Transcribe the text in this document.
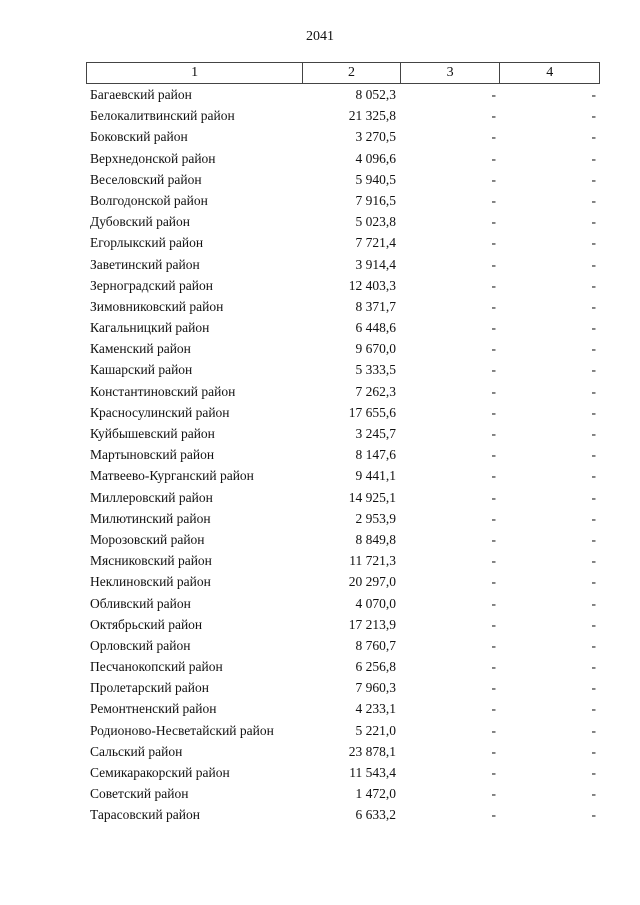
2041
1	2	3	4
Багаевский район	8 052,3	-	-
Белокалитвинский район	21 325,8	-	-
Боковский район	3 270,5	-	-
Верхнедонской район	4 096,6	-	-
Веселовский район	5 940,5	-	-
Волгодонской район	7 916,5	-	-
Дубовский район	5 023,8	-	-
Егорлыкский район	7 721,4	-	-
Заветинский район	3 914,4	-	-
Зерноградский район	12 403,3	-	-
Зимовниковский район	8 371,7	-	-
Кагальницкий район	6 448,6	-	-
Каменский район	9 670,0	-	-
Кашарский район	5 333,5	-	-
Константиновский район	7 262,3	-	-
Красносулинский район	17 655,6	-	-
Куйбышевский район	3 245,7	-	-
Мартыновский район	8 147,6	-	-
Матвеево-Курганский район	9 441,1	-	-
Миллеровский район	14 925,1	-	-
Милютинский район	2 953,9	-	-
Морозовский район	8 849,8	-	-
Мясниковский район	11 721,3	-	-
Неклиновский район	20 297,0	-	-
Обливский район	4 070,0	-	-
Октябрьский район	17 213,9	-	-
Орловский район	8 760,7	-	-
Песчанокопский район	6 256,8	-	-
Пролетарский район	7 960,3	-	-
Ремонтненский район	4 233,1	-	-
Родионово-Несветайский район	5 221,0	-	-
Сальский район	23 878,1	-	-
Семикаракорский район	11 543,4	-	-
Советский район	1 472,0	-	-
Тарасовский район	6 633,2	-	-
